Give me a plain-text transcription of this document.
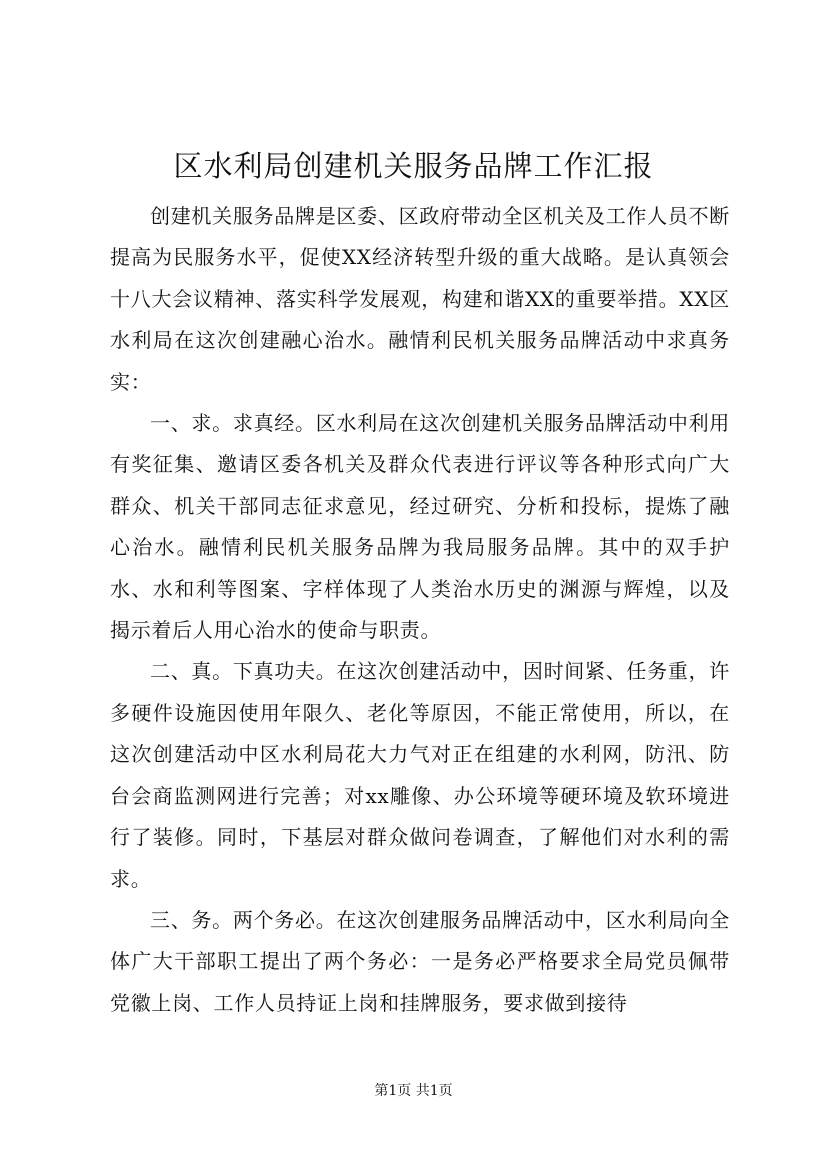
区水利局创建机关服务品牌工作汇报

创建机关服务品牌是区委、区政府带动全区机关及工作人员不断提高为民服务水平，促使XX经济转型升级的重大战略。是认真领会十八大会议精神、落实科学发展观，构建和谐XX的重要举措。XX区水利局在这次创建融心治水。融情利民机关服务品牌活动中求真务实：

一、求。求真经。区水利局在这次创建机关服务品牌活动中利用有奖征集、邀请区委各机关及群众代表进行评议等各种形式向广大群众、机关干部同志征求意见，经过研究、分析和投标，提炼了融心治水。融情利民机关服务品牌为我局服务品牌。其中的双手护水、水和利等图案、字样体现了人类治水历史的渊源与辉煌，以及揭示着后人用心治水的使命与职责。

二、真。下真功夫。在这次创建活动中，因时间紧、任务重，许多硬件设施因使用年限久、老化等原因，不能正常使用，所以，在这次创建活动中区水利局花大力气对正在组建的水利网，防汛、防台会商监测网进行完善；对xx雕像、办公环境等硬环境及软环境进行了装修。同时，下基层对群众做问卷调查，了解他们对水利的需求。

三、务。两个务必。在这次创建服务品牌活动中，区水利局向全体广大干部职工提出了两个务必：一是务必严格要求全局党员佩带党徽上岗、工作人员持证上岗和挂牌服务，要求做到接待

第1页 共1页
